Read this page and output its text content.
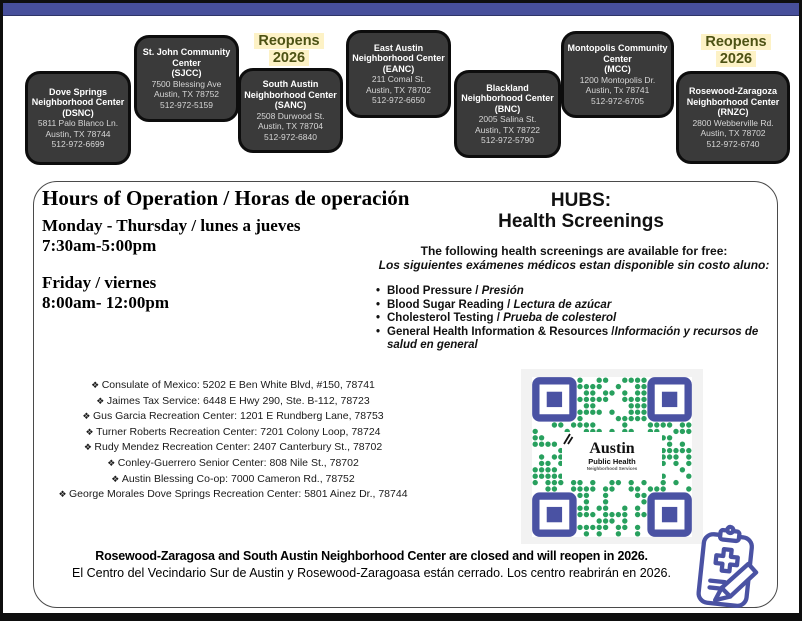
Dove Springs Neighborhood Center
(DSNC)
5811 Palo Blanco Ln.
Austin, TX 78744
512-972-6699
St. John Community Center
(SJCC)
7500 Blessing Ave
Austin, TX 78752
512-972-5159
Reopens
2026
South Austin Neighborhood Center
(SANC)
2508 Durwood St.
Austin, TX 78704
512-972-6840
East Austin Neighborhood Center
(EANC)
211 Comal St.
Austin, TX 78702
512-972-6650
Blackland Neighborhood Center
(BNC)
2005 Salina St.
Austin, TX 78722
512-972-5790
Montopolis Community Center
(MCC)
1200 Montopolis Dr.
Austin, Tx 78741
512-972-6705
Reopens
2026
Rosewood-Zaragoza Neighborhood Center
(RNZC)
2800 Webberville Rd.
Austin, TX 78702
512-972-6740
Hours of Operation / Horas de operación

Monday - Thursday / lunes a jueves

7:30am-5:00pm

Friday / viernes

8:00am- 12:00pm

HUBS:
Health Screenings
The following health screenings are available for free:
Los siguientes exámenes médicos estan disponible sin costo aluno:
• Blood Pressure / Presión
• Blood Sugar Reading / Lectura de azúcar
• Cholesterol Testing / Prueba de colesterol
• General Health Information & Resources /Información y recursos de salud en general
❖ Consulate of Mexico: 5202 E Ben White Blvd, #150, 78741
❖ Jaimes Tax Service: 6448 E Hwy 290, Ste. B-112, 78723
❖ Gus Garcia Recreation Center: 1201 E Rundberg Lane, 78753
❖ Turner Roberts Recreation Center: 7201 Colony Loop, 78724
❖ Rudy Mendez Recreation Center: 2407 Canterbury St., 78702
❖ Conley-Guerrero Senior Center: 808 Nile St., 78702
❖ Austin Blessing Co-op: 7000 Cameron Rd., 78752
❖ George Morales Dove Springs Recreation Center: 5801 Ainez Dr., 78744
Austin
Public Health
Neighborhood Services
Rosewood-Zaragosa and South Austin Neighborhood Center are closed and will reopen in 2026.
El Centro del Vecindario Sur de Austin y Rosewood-Zaragoasa están cerrado. Los centro reabrirán en 2026.
